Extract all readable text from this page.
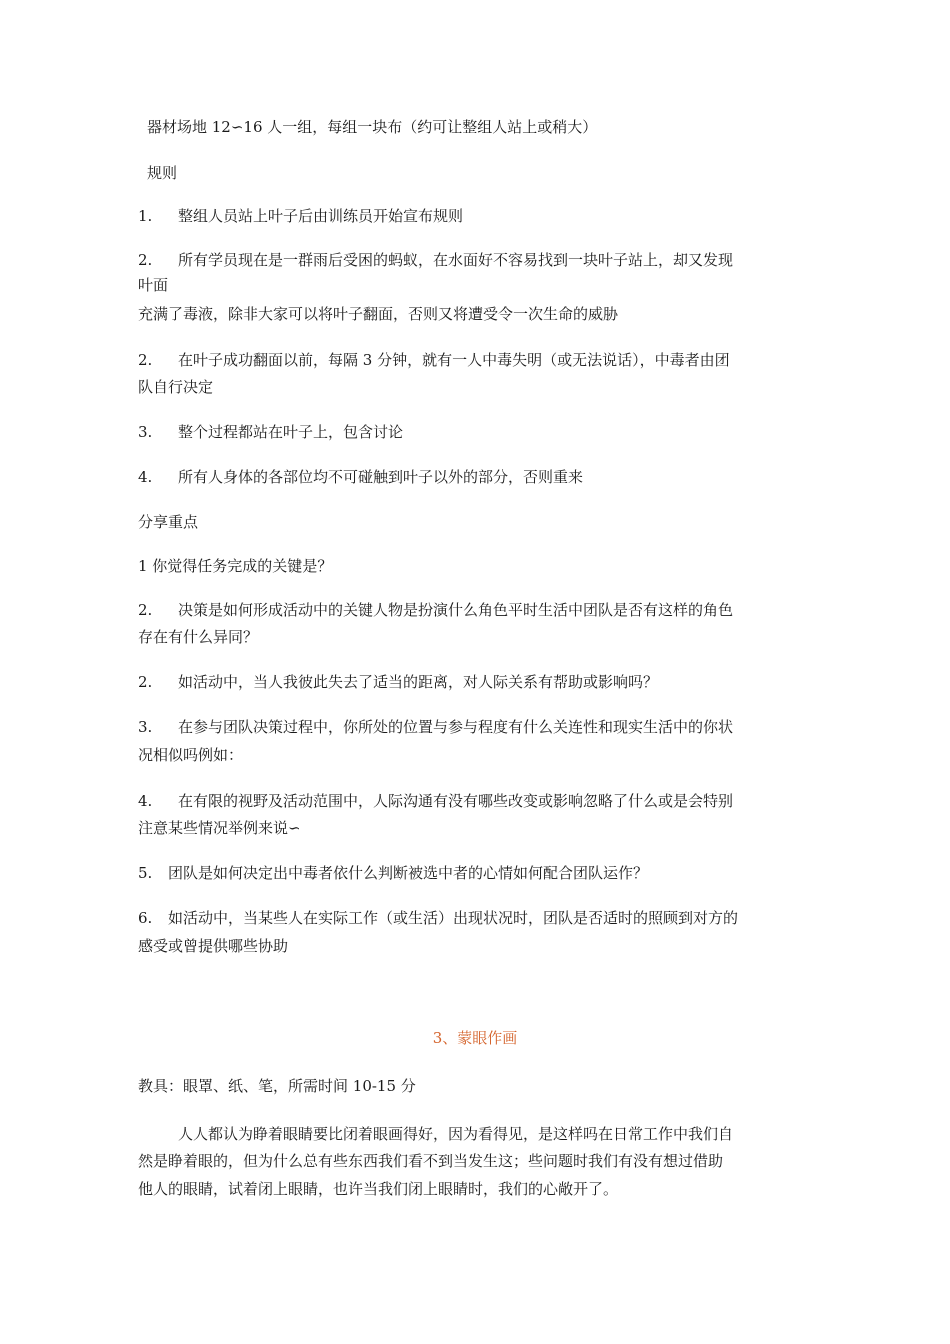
器材场地 12∽16 人一组，每组一块布（约可让整组人站上或稍大）
规则
1. 整组人员站上叶子后由训练员开始宣布规则
2. 所有学员现在是一群雨后受困的蚂蚁，在水面好不容易找到一块叶子站上，却又发现
叶面
充满了毒液，除非大家可以将叶子翻面，否则又将遭受令一次生命的威胁
2. 在叶子成功翻面以前，每隔 3 分钟，就有一人中毒失明（或无法说话），中毒者由团
队自行决定
3. 整个过程都站在叶子上，包含讨论
4. 所有人身体的各部位均不可碰触到叶子以外的部分，否则重来
分享重点
1 你觉得任务完成的关键是？
2. 决策是如何形成活动中的关键人物是扮演什么角色平时生活中团队是否有这样的角色
存在有什么异同？
2. 如活动中，当人我彼此失去了适当的距离，对人际关系有帮助或影响吗？
3. 在参与团队决策过程中，你所处的位置与参与程度有什么关连性和现实生活中的你状
况相似吗例如：
4. 在有限的视野及活动范围中，人际沟通有没有哪些改变或影响忽略了什么或是会特别
注意某些情况举例来说∽
5. 团队是如何决定出中毒者依什么判断被选中者的心情如何配合团队运作？
6. 如活动中，当某些人在实际工作（或生活）出现状况时，团队是否适时的照顾到对方的
感受或曾提供哪些协助
3、蒙眼作画
教具：眼罩、纸、笔，所需时间 10-15 分
人人都认为睁着眼睛要比闭着眼画得好，因为看得见，是这样吗在日常工作中我们自
然是睁着眼的，但为什么总有些东西我们看不到当发生这；些问题时我们有没有想过借助
他人的眼睛，试着闭上眼睛，也许当我们闭上眼睛时，我们的心敞开了。
